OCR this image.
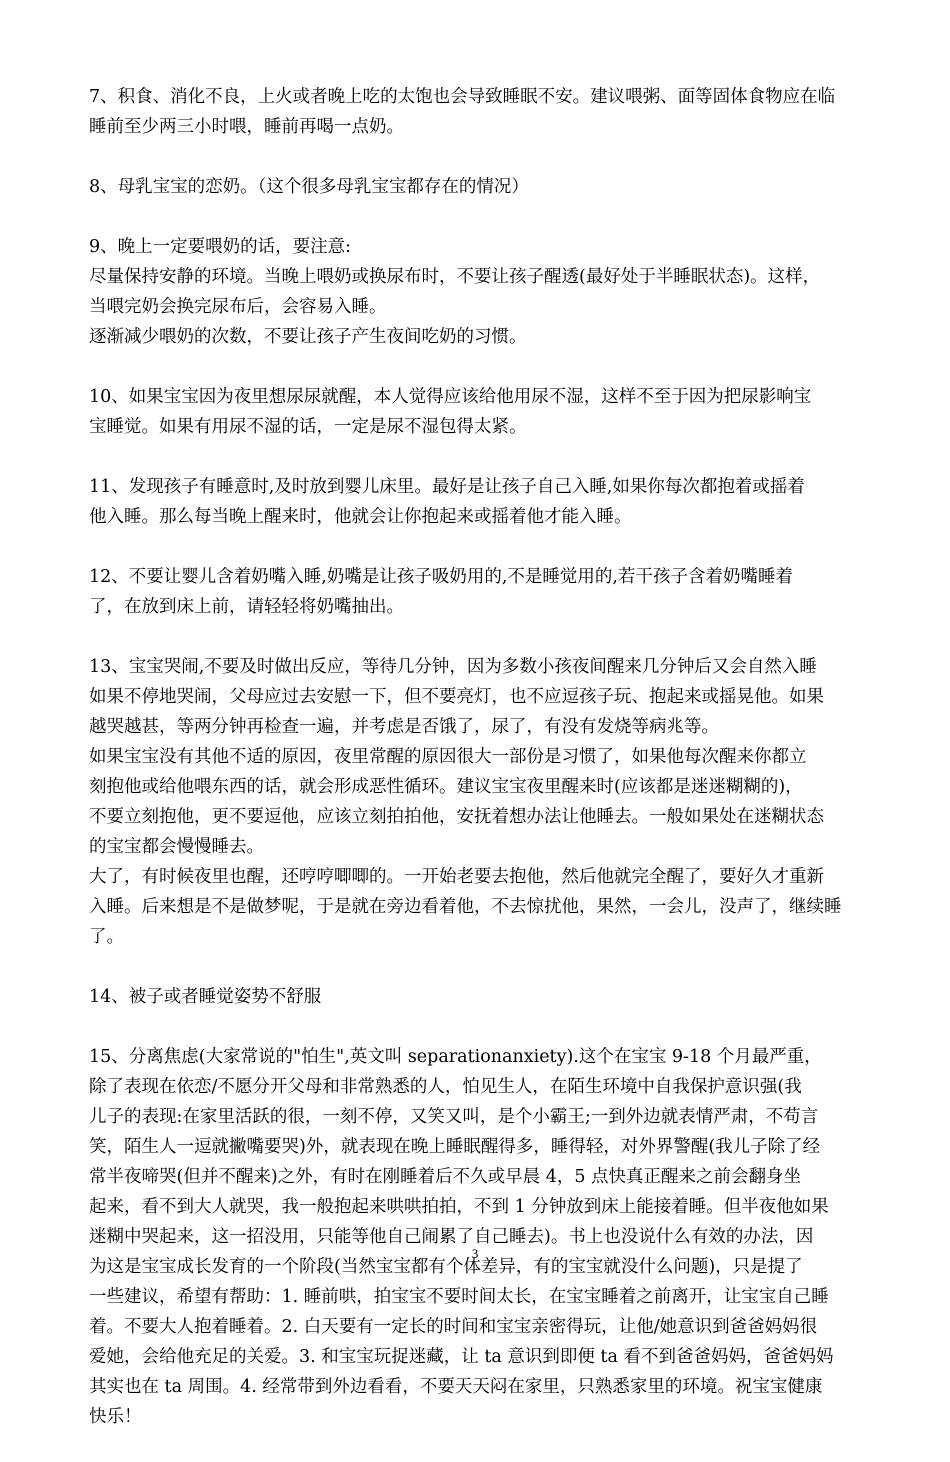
7、积食、消化不良，上火或者晚上吃的太饱也会导致睡眠不安。建议喂粥、面等固体食物应在临
睡前至少两三小时喂，睡前再喝一点奶。

8、母乳宝宝的恋奶。（这个很多母乳宝宝都存在的情况）

9、晚上一定要喂奶的话，要注意:
尽量保持安静的环境。当晚上喂奶或换尿布时，不要让孩子醒透(最好处于半睡眠状态)。这样，
当喂完奶会换完尿布后，会容易入睡。
逐渐减少喂奶的次数，不要让孩子产生夜间吃奶的习惯。

10、如果宝宝因为夜里想尿尿就醒，本人觉得应该给他用尿不湿，这样不至于因为把尿影响宝
宝睡觉。如果有用尿不湿的话，一定是尿不湿包得太紧。

11、发现孩子有睡意时,及时放到婴儿床里。最好是让孩子自己入睡,如果你每次都抱着或摇着
他入睡。那么每当晚上醒来时，他就会让你抱起来或摇着他才能入睡。

12、不要让婴儿含着奶嘴入睡,奶嘴是让孩子吸奶用的,不是睡觉用的,若干孩子含着奶嘴睡着
了，在放到床上前，请轻轻将奶嘴抽出。

13、宝宝哭闹,不要及时做出反应，等待几分钟，因为多数小孩夜间醒来几分钟后又会自然入睡
如果不停地哭闹，父母应过去安慰一下，但不要亮灯，也不应逗孩子玩、抱起来或摇晃他。如果
越哭越甚，等两分钟再检查一遍，并考虑是否饿了，尿了，有没有发烧等病兆等。
如果宝宝没有其他不适的原因，夜里常醒的原因很大一部份是习惯了，如果他每次醒来你都立
刻抱他或给他喂东西的话，就会形成恶性循环。建议宝宝夜里醒来时(应该都是迷迷糊糊的)，
不要立刻抱他，更不要逗他，应该立刻拍拍他，安抚着想办法让他睡去。一般如果处在迷糊状态
的宝宝都会慢慢睡去。
大了，有时候夜里也醒，还哼哼唧唧的。一开始老要去抱他，然后他就完全醒了，要好久才重新
入睡。后来想是不是做梦呢，于是就在旁边看着他，不去惊扰他，果然，一会儿，没声了，继续睡
了。

14、被子或者睡觉姿势不舒服

15、分离焦虑(大家常说的"怕生",英文叫 separationanxiety).这个在宝宝 9-18 个月最严重，
除了表现在依恋/不愿分开父母和非常熟悉的人，怕见生人，在陌生环境中自我保护意识强(我
儿子的表现:在家里活跃的很，一刻不停，又笑又叫，是个小霸王;一到外边就表情严肃，不苟言
笑，陌生人一逗就撇嘴要哭)外，就表现在晚上睡眠醒得多，睡得轻，对外界警醒(我儿子除了经
常半夜啼哭(但并不醒来)之外，有时在刚睡着后不久或早晨 4，5 点快真正醒来之前会翻身坐
起来，看不到大人就哭，我一般抱起来哄哄拍拍，不到 1 分钟放到床上能接着睡。但半夜他如果
迷糊中哭起来，这一招没用，只能等他自己闹累了自己睡去)。书上也没说什么有效的办法，因
为这是宝宝成长发育的一个阶段(当然宝宝都有个体差异，有的宝宝就没什么问题)，只是提了
一些建议，希望有帮助：1. 睡前哄，拍宝宝不要时间太长，在宝宝睡着之前离开，让宝宝自己睡
着。不要大人抱着睡着。2. 白天要有一定长的时间和宝宝亲密得玩，让他/她意识到爸爸妈妈很
爱她，会给他充足的关爱。3. 和宝宝玩捉迷藏，让 ta 意识到即便 ta 看不到爸爸妈妈，爸爸妈妈
其实也在 ta 周围。4. 经常带到外边看看，不要天天闷在家里，只熟悉家里的环境。祝宝宝健康
快乐！

3
